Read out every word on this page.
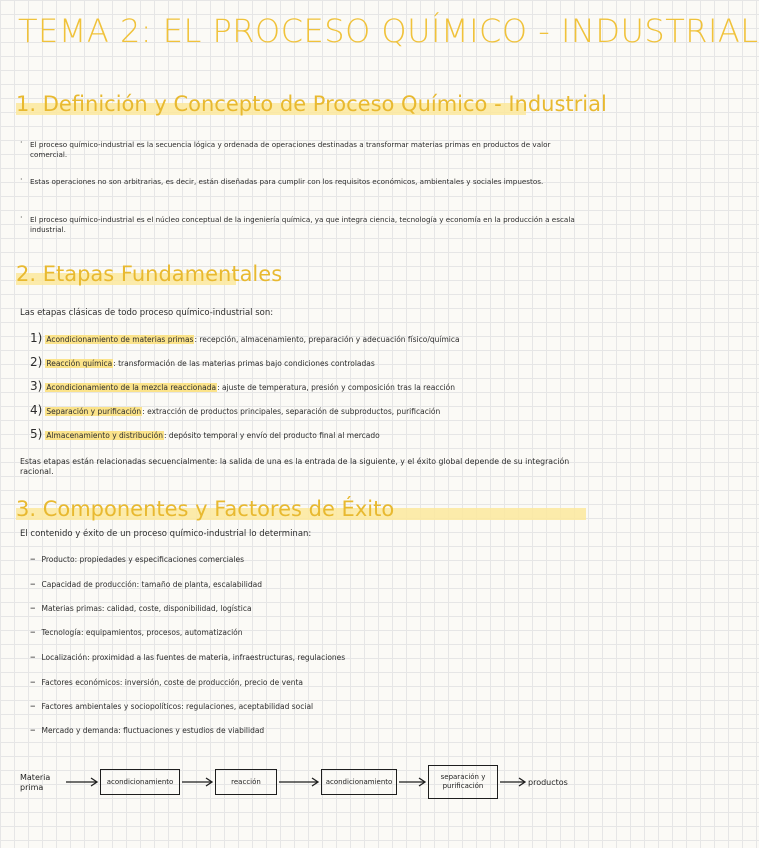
TEMA 2: EL PROCESO QUÍMICO - INDUSTRIAL
1. Definición y Concepto de Proceso Químico - Industrial
· El proceso químico-industrial es la secuencia lógica y ordenada de operaciones destinadas a transformar materias primas en productos de valor comercial.
· Estas operaciones no son arbitrarias, es decir, están diseñadas para cumplir con los requisitos económicos, ambientales y sociales impuestos.
· El proceso químico-industrial es el núcleo conceptual de la ingeniería química, ya que integra ciencia, tecnología y economía en la producción a escala industrial.
2. Etapas Fundamentales
Las etapas clásicas de todo proceso químico-industrial son:
1) Acondicionamiento de materias primas: recepción, almacenamiento, preparación y adecuación físico/química
2) Reacción química: transformación de las materias primas bajo condiciones controladas
3) Acondicionamiento de la mezcla reaccionada: ajuste de temperatura, presión y composición tras la reacción
4) Separación y purificación: extracción de productos principales, separación de subproductos, purificación
5) Almacenamiento y distribución: depósito temporal y envío del producto final al mercado
Estas etapas están relacionadas secuencialmente: la salida de una es la entrada de la siguiente, y el éxito global depende de su integración racional.
3. Componentes y Factores de Éxito
El contenido y éxito de un proceso químico-industrial lo determinan:
– Producto: propiedades y especificaciones comerciales
– Capacidad de producción: tamaño de planta, escalabilidad
– Materias primas: calidad, coste, disponibilidad, logística
– Tecnología: equipamientos, procesos, automatización
– Localización: proximidad a las fuentes de materia, infraestructuras, regulaciones
– Factores económicos: inversión, coste de producción, precio de venta
– Factores ambientales y sociopolíticos: regulaciones, aceptabilidad social
– Mercado y demanda: fluctuaciones y estudios de viabilidad
Materia prima
acondicionamiento	reacción	acondicionamiento
separación y purificación	productos
